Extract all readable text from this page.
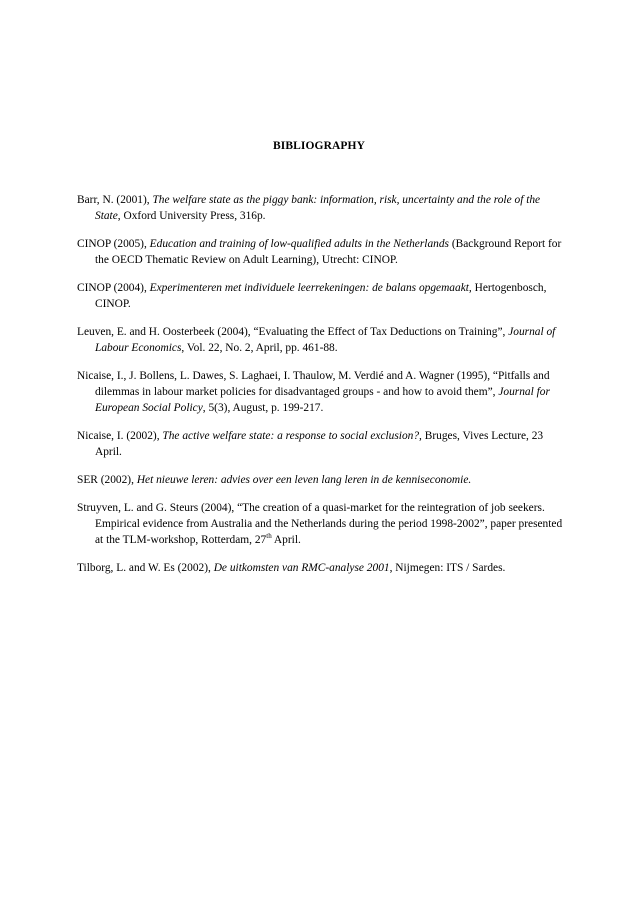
BIBLIOGRAPHY

Barr, N. (2001), The welfare state as the piggy bank: information, risk, uncertainty and the role of the State, Oxford University Press, 316p.

CINOP (2005), Education and training of low-qualified adults in the Netherlands (Background Report for the OECD Thematic Review on Adult Learning), Utrecht: CINOP.

CINOP (2004), Experimenteren met individuele leerrekeningen: de balans opgemaakt, Hertogenbosch, CINOP.

Leuven, E. and H. Oosterbeek (2004), “Evaluating the Effect of Tax Deductions on Training”, Journal of Labour Economics, Vol. 22, No. 2, April, pp. 461-88.

Nicaise, I., J. Bollens, L. Dawes, S. Laghaei, I. Thaulow, M. Verdié and A. Wagner (1995), “Pitfalls and dilemmas in labour market policies for disadvantaged groups - and how to avoid them”, Journal for European Social Policy, 5(3), August, p. 199-217.

Nicaise, I. (2002), The active welfare state: a response to social exclusion?, Bruges, Vives Lecture, 23 April.

SER (2002), Het nieuwe leren: advies over een leven lang leren in de kenniseconomie.

Struyven, L. and G. Steurs (2004), “The creation of a quasi-market for the reintegration of job seekers. Empirical evidence from Australia and the Netherlands during the period 1998-2002”, paper presented at the TLM-workshop, Rotterdam, 27th April.

Tilborg, L. and W. Es (2002), De uitkomsten van RMC-analyse 2001, Nijmegen: ITS / Sardes.
